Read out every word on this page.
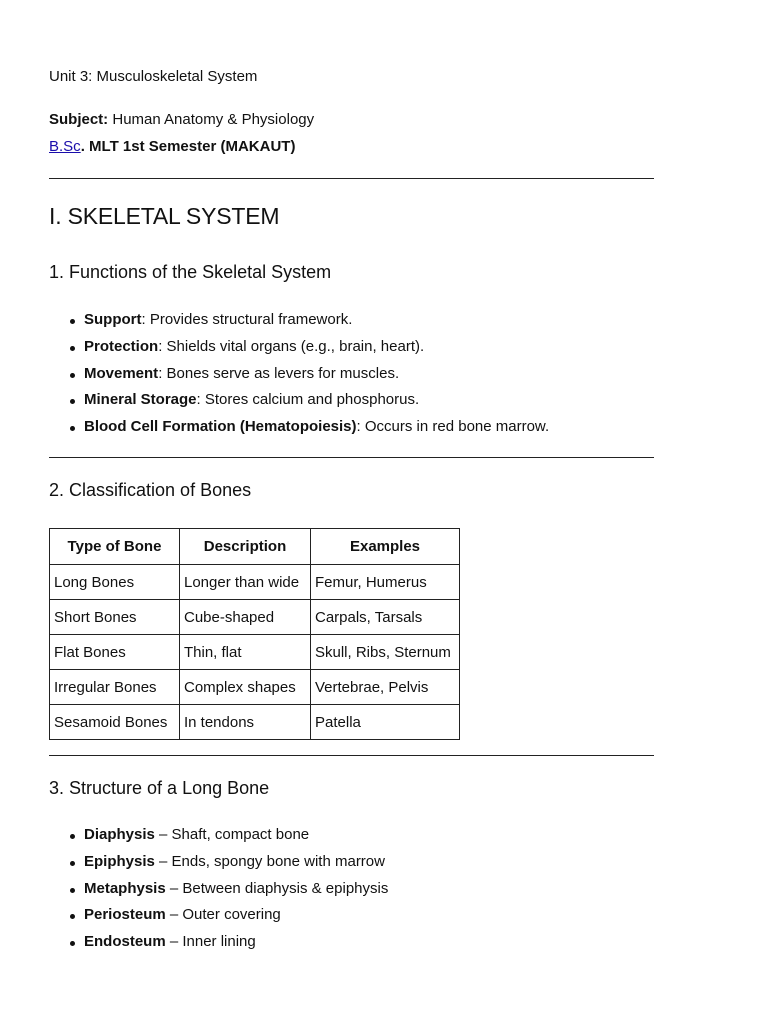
Unit 3: Musculoskeletal System

Subject: Human Anatomy & Physiology

B.Sc. MLT 1st Semester (MAKAUT)

I. SKELETAL SYSTEM
1. Functions of the Skeletal System
Support: Provides structural framework.
Protection: Shields vital organs (e.g., brain, heart).
Movement: Bones serve as levers for muscles.
Mineral Storage: Stores calcium and phosphorus.
Blood Cell Formation (Hematopoiesis): Occurs in red bone marrow.
2. Classification of Bones
Type of Bone	Description	Examples
Long Bones	Longer than wide	Femur, Humerus
Short Bones	Cube-shaped	Carpals, Tarsals
Flat Bones	Thin, flat	Skull, Ribs, Sternum
Irregular Bones	Complex shapes	Vertebrae, Pelvis
Sesamoid Bones	In tendons	Patella
3. Structure of a Long Bone
Diaphysis – Shaft, compact bone
Epiphysis – Ends, spongy bone with marrow
Metaphysis – Between diaphysis & epiphysis
Periosteum – Outer covering
Endosteum – Inner lining
